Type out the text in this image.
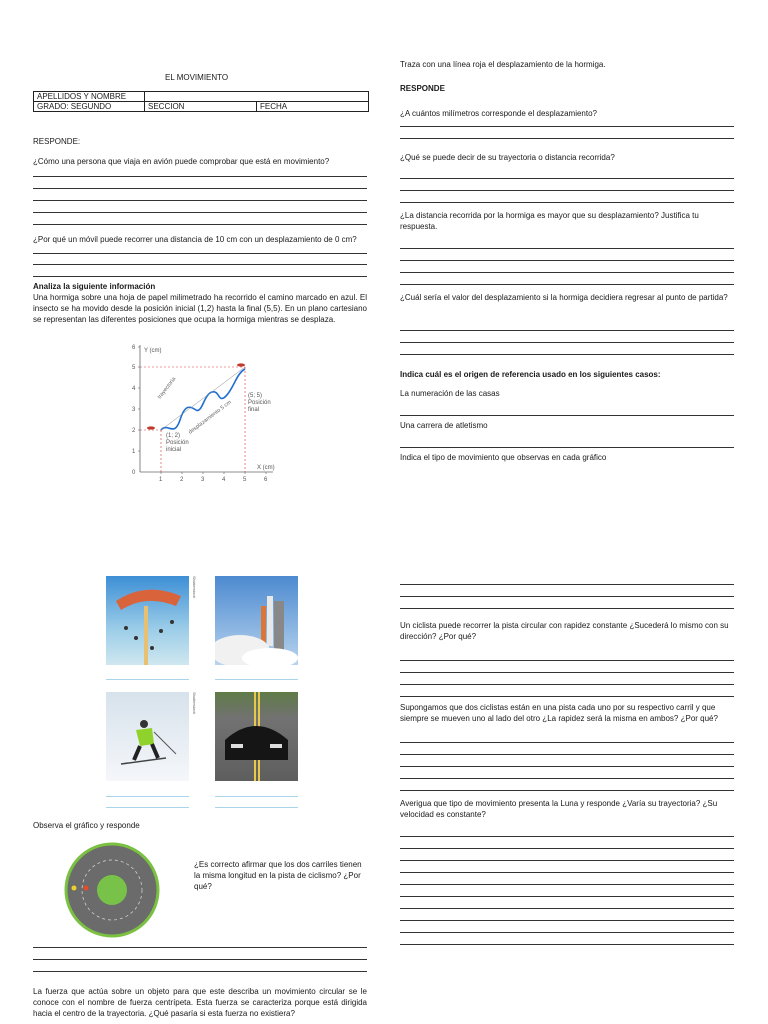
EL MOVIMIENTO
APELLIDOS Y NOMBRE		
GRADO: SEGUNDO	SECCION	FECHA
RESPONDE:
¿Cómo una persona que viaja en avión puede comprobar que está en movimiento?
¿Por qué un móvil puede recorrer una distancia de 10 cm con un desplazamiento de 0 cm?
Analiza la siguiente información
Una hormiga sobre una hoja de papel milimetrado ha recorrido el camino marcado en azul. El insecto se ha movido desde la posición inicial (1,2) hasta la final (5,5). En un plano cartesiano se representan las diferentes posiciones que ocupa la hormiga mientras se desplaza.
0
1
2
3
4
5
6
1	2	3	4	5	6
Y (cm)
X (cm)
trayectoria
desplazamiento 5 cm
(1; 2)
Posición
inicial
(5; 5)
Posición
final
Shutterstock
Shutterstock
Observa el gráfico y responde
¿Es correcto afirmar que los dos carriles tienen la misma longitud en la pista de ciclismo? ¿Por qué?
La fuerza que actúa sobre un objeto para que este describa un movimiento circular se le conoce con el nombre de fuerza centrípeta. Esta fuerza se caracteriza porque está dirigida hacia el centro de la trayectoria. ¿Qué pasaría si esta fuerza no existiera?
Traza con una línea roja el desplazamiento de la hormiga.
RESPONDE
¿A cuántos milímetros corresponde el desplazamiento?
¿Qué se puede decir de su trayectoria o distancia recorrida?
¿La distancia recorrida por la hormiga es mayor que su desplazamiento? Justifica tu respuesta.
¿Cuál sería el valor del desplazamiento si la hormiga decidiera regresar al punto de partida?
Indica cuál es el origen de referencia usado en los siguientes casos:
La numeración de las casas
Una carrera de atletismo
Indica el tipo de movimiento que observas en cada gráfico
Un ciclista puede recorrer la pista circular con rapidez constante ¿Sucederá lo mismo con su dirección? ¿Por qué?
Supongamos que dos ciclistas están en una pista cada uno por su respectivo carril y que siempre se mueven uno al lado del otro ¿La rapidez será la misma en ambos? ¿Por qué?
Averigua que tipo de movimiento presenta la Luna y responde ¿Varía su trayectoria? ¿Su velocidad es constante?
